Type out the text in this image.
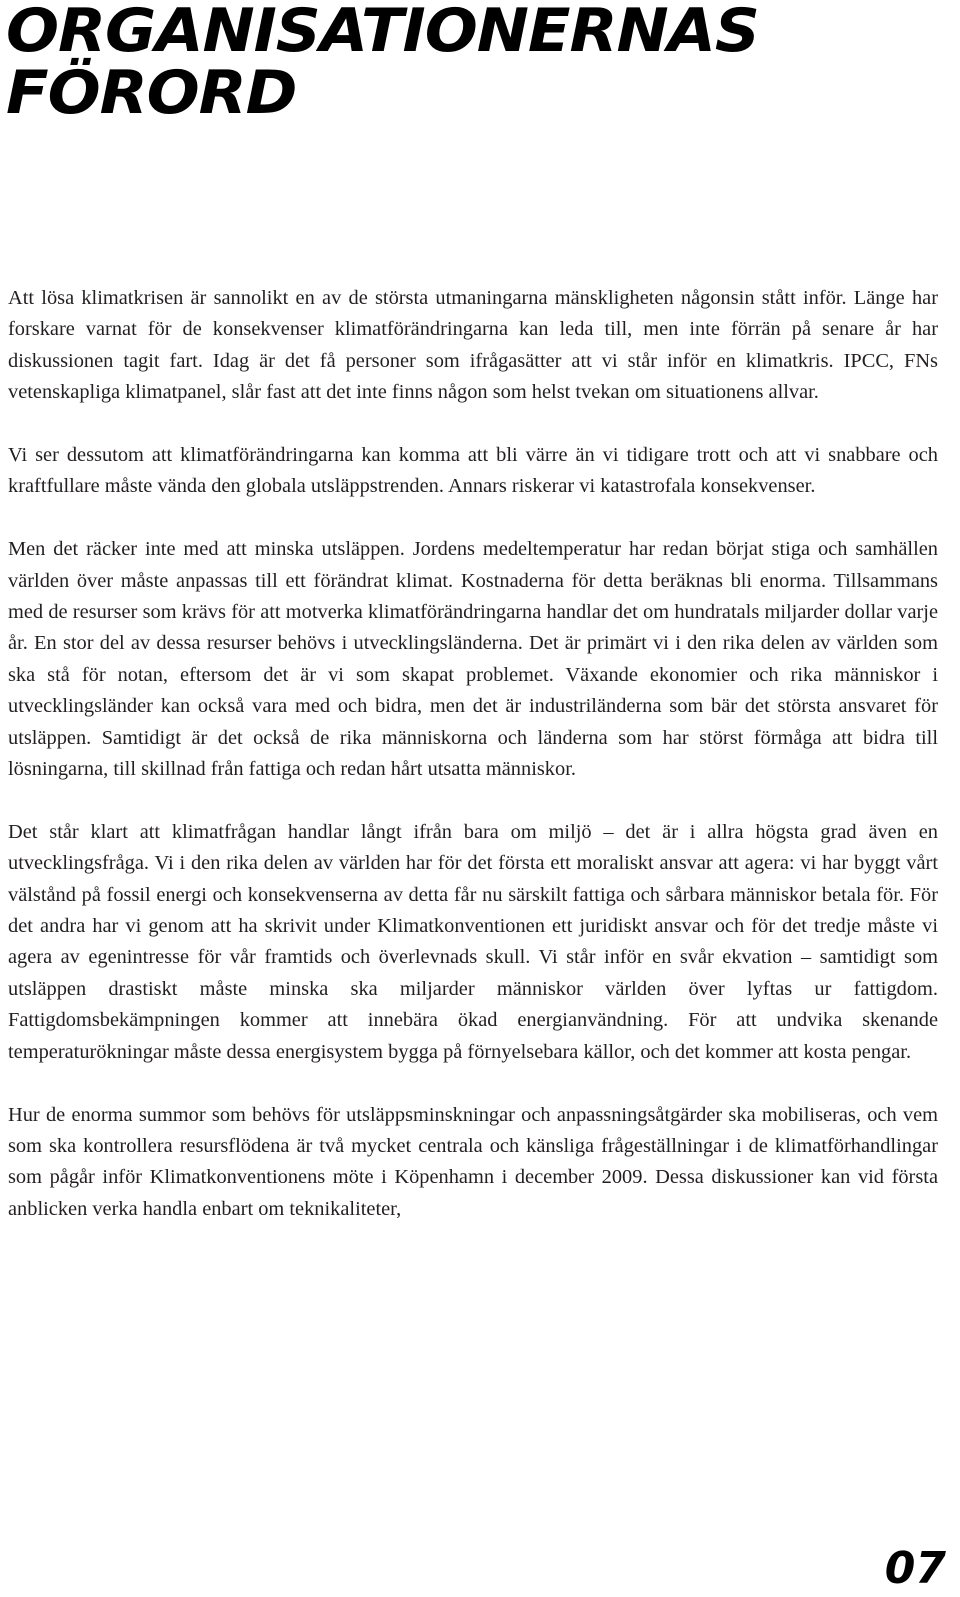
ORGANISATIONERNAS
FÖRORD

Att lösa klimatkrisen är sannolikt en av de största utmaningarna mänskligheten någonsin stått inför. Länge har forskare varnat för de konsekvenser klimatförändringarna kan leda till, men inte förrän på senare år har diskussionen tagit fart. Idag är det få personer som ifrågasätter att vi står inför en klimatkris. IPCC, FNs vetenskapliga klimatpanel, slår fast att det inte finns någon som helst tvekan om situationens allvar.

Vi ser dessutom att klimatförändringarna kan komma att bli värre än vi tidigare trott och att vi snabbare och kraftfullare måste vända den globala utsläppstrenden. Annars riskerar vi katastrofala konsekvenser.

Men det räcker inte med att minska utsläppen. Jordens medeltemperatur har redan börjat stiga och samhällen världen över måste anpassas till ett förändrat klimat. Kostnaderna för detta beräknas bli enorma. Tillsammans med de resurser som krävs för att motverka klimatförändringarna handlar det om hundratals miljarder dollar varje år. En stor del av dessa resurser behövs i utvecklingsländerna. Det är primärt vi i den rika delen av världen som ska stå för notan, eftersom det är vi som skapat problemet. Växande ekonomier och rika människor i utvecklingsländer kan också vara med och bidra, men det är industriländerna som bär det största ansvaret för utsläppen. Samtidigt är det också de rika människorna och länderna som har störst förmåga att bidra till lösningarna, till skillnad från fattiga och redan hårt utsatta människor.

Det står klart att klimatfrågan handlar långt ifrån bara om miljö – det är i allra högsta grad även en utvecklingsfråga. Vi i den rika delen av världen har för det första ett moraliskt ansvar att agera: vi har byggt vårt välstånd på fossil energi och konsekvenserna av detta får nu särskilt fattiga och sårbara människor betala för. För det andra har vi genom att ha skrivit under Klimatkonventionen ett juridiskt ansvar och för det tredje måste vi agera av egenintresse för vår framtids och överlevnads skull. Vi står inför en svår ekvation – samtidigt som utsläppen drastiskt måste minska ska miljarder människor världen över lyftas ur fattigdom. Fattigdomsbekämpningen kommer att innebära ökad energianvändning. För att undvika skenande temperaturökningar måste dessa energisystem bygga på förnyelsebara källor, och det kommer att kosta pengar.

Hur de enorma summor som behövs för utsläppsminskningar och anpassningsåtgärder ska mobiliseras, och vem som ska kontrollera resursflödena är två mycket centrala och känsliga frågeställningar i de klimatförhandlingar som pågår inför Klimatkonventionens möte i Köpenhamn i december 2009. Dessa diskussioner kan vid första anblicken verka handla enbart om teknikaliteter,

07
